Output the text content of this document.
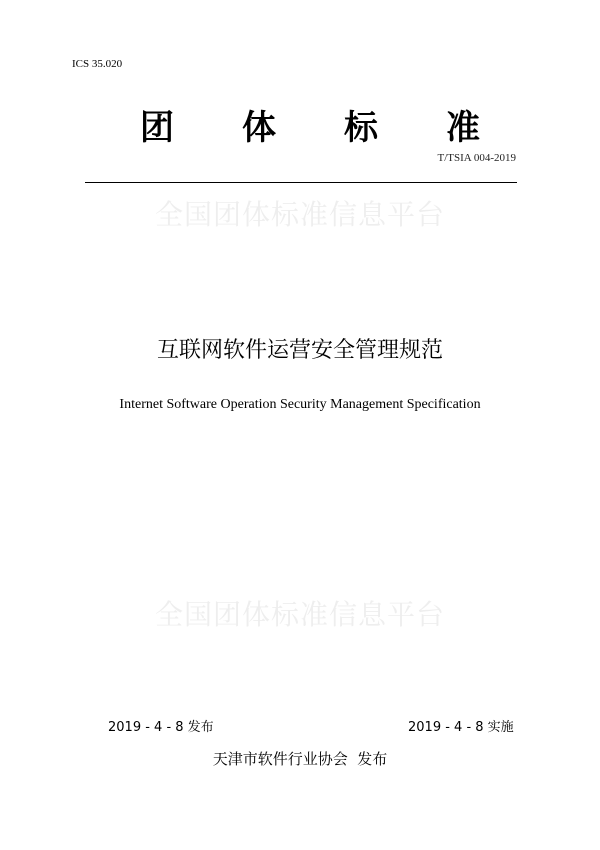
ICS 35.020
团 体 标 准
T/TSIA 004-2019
全国团体标准信息平台
互联网软件运营安全管理规范
Internet Software Operation Security Management Specification
全国团体标准信息平台
2019 - 4 - 8 发布	2019 - 4 - 8 实施
天津市软件行业协会  发布
